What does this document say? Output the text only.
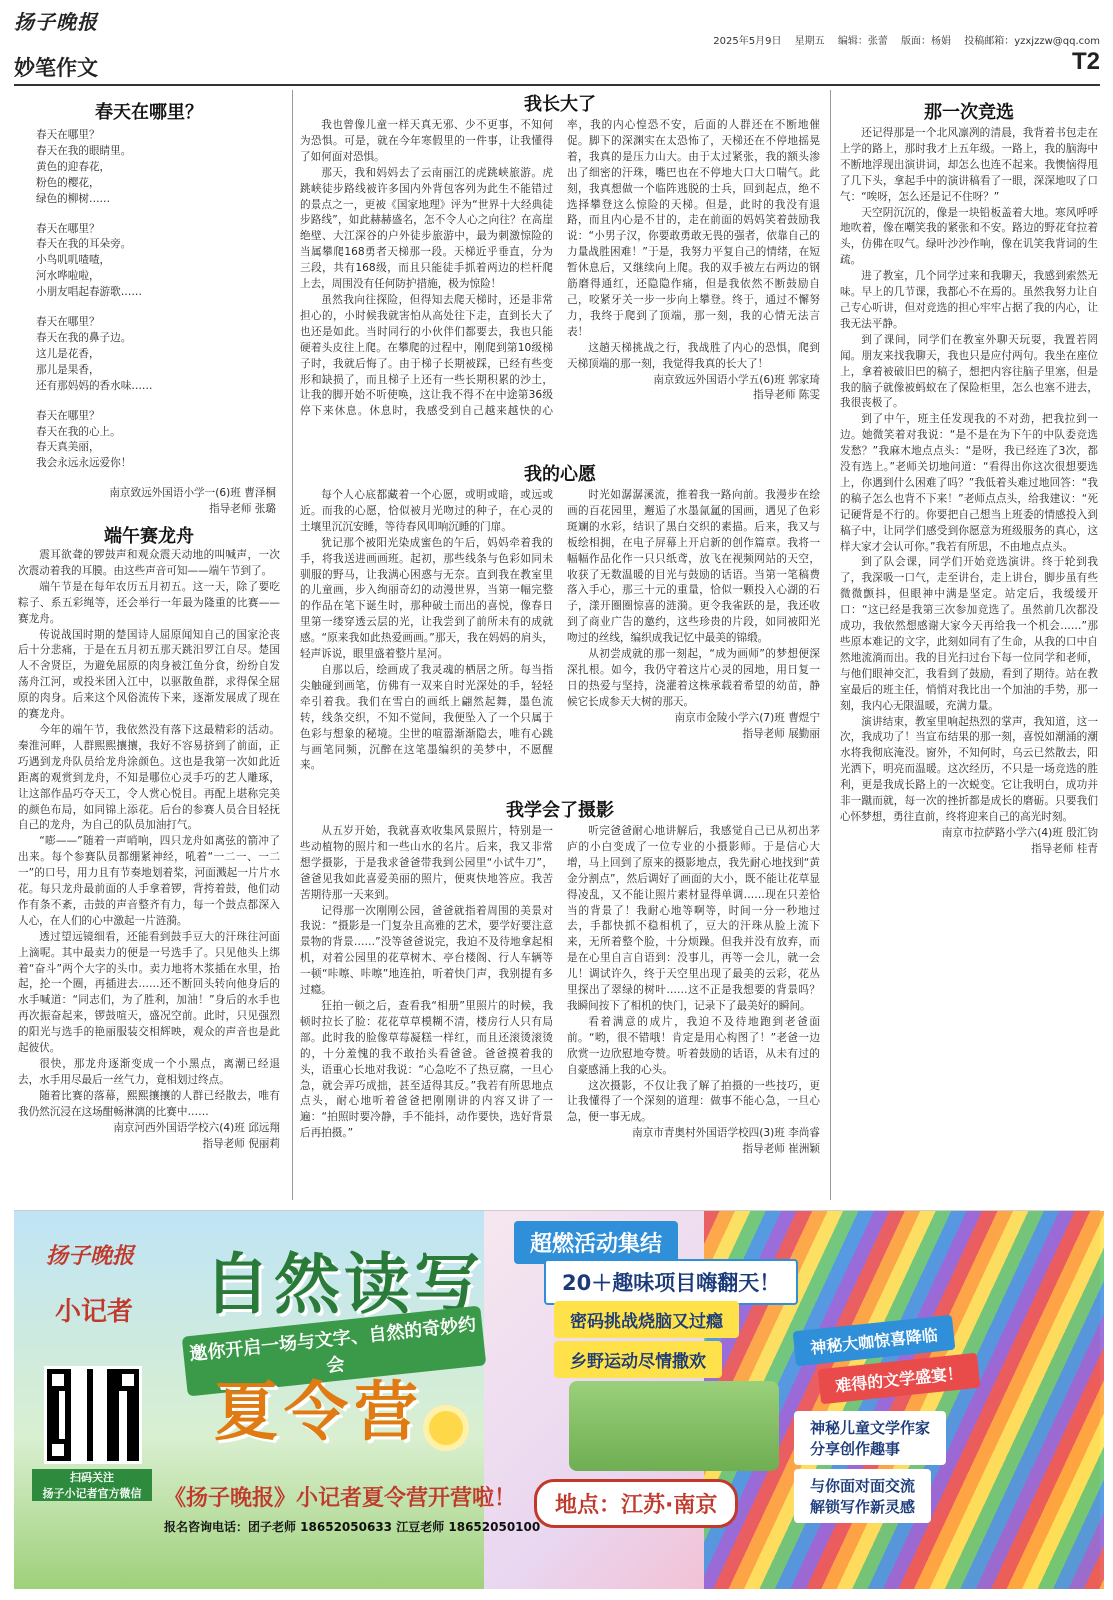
扬子晚报
2025年5月9日 星期五 编辑：张蕾 版面：杨娟 投稿邮箱：yzxjzzw@qq.com
妙笔作文	T2
春天在哪里？

春天在哪里？

春天在我的眼睛里。

黄色的迎春花，

粉色的樱花，

绿色的柳树……

春天在哪里？

春天在我的耳朵旁。

小鸟叽叽喳喳，

河水哗啦啦，

小朋友唱起春游歌……

春天在哪里？

春天在我的鼻子边。

这儿是花香，

那儿是果香，

还有那妈妈的香水味……

春天在哪里？

春天在我的心上。

春天真美丽，

我会永远永远爱你！

南京致远外国语小学一(6)班 曹泽桐

指导老师 张璐

端午赛龙舟

震耳欲聋的锣鼓声和观众震天动地的叫喊声，一次次震动着我的耳膜。由这些声音可知——端午节到了。

端午节是在每年农历五月初五。这一天，除了要吃粽子、系五彩绳等，还会举行一年最为隆重的比赛——赛龙舟。

传说战国时期的楚国诗人屈原闻知自己的国家沦丧后十分悲痛，于是在五月初五那天跳汨罗江自尽。楚国人不舍贤臣，为避免屈原的肉身被江鱼分食，纷纷自发荡舟江河，或投米团入江中，以驱散鱼群，求得保全屈原的肉身。后来这个风俗流传下来，逐渐发展成了现在的赛龙舟。

今年的端午节，我依然没有落下这最精彩的活动。秦淮河畔，人群熙熙攘攘，我好不容易挤到了前面，正巧遇到龙舟队员给龙舟涂颜色。这也是我第一次如此近距离的观赏到龙舟，不知是哪位心灵手巧的艺人雕琢，让这部作品巧夺天工，令人赏心悦目。再配上堪称完美的颜色布局，如同锦上添花。后台的参赛人员合目轻抚自己的龙舟，为自己的队员加油打气。

“嘭——”随着一声哨响，四只龙舟如离弦的箭冲了出来。每个参赛队员都绷紧神经，吼着“一二一、一二一”的口号，用力且有节奏地划着桨，河面溅起一片片水花。每只龙舟最前面的人手拿着锣，背挎着鼓，他们动作有条不紊，击鼓的声音整齐有力，每一个鼓点都深入人心，在人们的心中激起一片涟漪。

透过望远镜细看，还能看到鼓手豆大的汗珠往河面上滴呢。其中最卖力的便是一号选手了。只见他头上绑着“奋斗”两个大字的头巾。卖力地将木浆插在水里，抬起，抡一个圈，再插进去……还不断回头转向他身后的水手喊道：“同志们，为了胜利，加油！”身后的水手也再次振奋起来，锣鼓喧天，盛况空前。此时，只见强烈的阳光与选手的艳丽服装交相辉映，观众的声音也是此起彼伏。

很快，那龙舟逐渐变成一个小黑点，离潮已经退去，水手用尽最后一丝气力，竟相划过终点。

随着比赛的落幕，熙熙攘攘的人群已经散去，唯有我仍然沉浸在这场酣畅淋漓的比赛中……

南京河西外国语学校六(4)班 邱远翔

指导老师 倪丽莉

我长大了

我也曾像儿童一样天真无邪、少不更事，不知何为恐惧。可是，就在今年寒假里的一件事，让我懂得了如何面对恐惧。

那天，我和妈妈去了云南丽江的虎跳峡旅游。虎跳峡徒步路线被许多国内外背包客列为此生不能错过的景点之一，更被《国家地理》评为“世界十大经典徒步路线”，如此赫赫盛名，怎不令人心之向往？在高崖绝壁、大江深谷的户外徒步旅游中，最为刺激惊险的当属攀爬168勇者天梯那一段。天梯近乎垂直，分为三段，共有168级，而且只能徒手抓着两边的栏杆爬上去，周围没有任何防护措施，极为惊险！

虽然我向往探险，但得知去爬天梯时，还是非常担心的，小时候我就害怕从高处往下走，直到长大了也还是如此。当时同行的小伙伴们都要去，我也只能硬着头皮往上爬。在攀爬的过程中，刚爬到第10级梯子时，我就后悔了。由于梯子长期被踩，已经有些变形和缺损了，而且梯子上还有一些长期积累的沙土，让我的脚开始不听使唤，这让我不得不在中途第36级停下来休息。休息时，我感受到自己越来越快的心率，我的内心惶恐不安，后面的人群还在不断地催促。脚下的深渊实在太恐怖了，天梯还在不停地摇晃着，我真的是压力山大。由于太过紧张，我的额头渗出了细密的汗珠，嘴巴也在不停地大口大口喘气。此刻，我真想做一个临阵逃脱的士兵，回到起点，绝不选择攀登这么惊险的天梯。但是，此时的我没有退路，而且内心是不甘的，走在前面的妈妈笑着鼓励我说：“小男子汉，你要敢勇敢无畏的强者，依靠自己的力量战胜困难！”于是，我努力平复自己的情绪，在短暂休息后，又继续向上爬。我的双手被左右两边的钢筋磨得通红，还隐隐作痛，但是我依然不断鼓励自己，咬紧牙关一步一步向上攀登。终于，通过不懈努力，我终于爬到了顶端，那一刻，我的心情无法言表！

这趟天梯挑战之行，我战胜了内心的恐惧，爬到天梯顶端的那一刻，我觉得我真的长大了！

南京致远外国语小学五(6)班 郭家琦

指导老师 陈雯

我的心愿

每个人心底都藏着一个心愿，或明或暗，或远或近。而我的心愿，恰似被月光吻过的种子，在心灵的土壤里沉沉安睡，等待春风叩响沉睡的门扉。

犹记那个被阳光染成蜜色的午后，妈妈牵着我的手，将我送进画画班。起初，那些线条与色彩如同未驯服的野马，让我满心困惑与无奈。直到我在教室里的儿童画，步入绚丽奇幻的动漫世界，当第一幅完整的作品在笔下诞生时，那种破土而出的喜悦，像春日里第一缕穿透云层的光，让我尝到了前所未有的成就感。“原来我如此热爱画画。”那天，我在妈妈的肩头，轻声诉说，眼里盛着整片星河。

自那以后，绘画成了我灵魂的栖居之所。每当指尖触碰到画笔，仿佛有一双来自时光深处的手，轻轻牵引着我。我们在雪白的画纸上翩然起舞，墨色流转，线条交织，不知不觉间，我便坠入了一个只属于色彩与想象的秘境。尘世的喧嚣渐渐隐去，唯有心跳与画笔同频，沉醉在这笔墨编织的美梦中，不愿醒来。

时光如潺潺溪流，推着我一路向前。我漫步在绘画的百花园里，邂逅了水墨氤氲的国画，遇见了色彩斑斓的水彩，结识了黑白交织的素描。后来，我又与板绘相拥，在电子屏幕上开启新的创作篇章。我将一幅幅作品化作一只只纸鸢，放飞在视频网站的天空，收获了无数温暖的目光与鼓励的话语。当第一笔稿费落入手心，那三十元的重量，恰似一颗投入心湖的石子，漾开圈圈惊喜的涟漪。更令我雀跃的是，我还收到了商业广告的邀约，这些珍贵的片段，如同被阳光吻过的丝线，编织成我记忆中最美的锦缎。

从初尝成就的那一刻起，“成为画师”的梦想便深深扎根。如今，我仍守着这片心灵的园地，用日复一日的热爱与坚持，浇灌着这株承载着希望的幼苗，静候它长成参天大树的那天。

南京市金陵小学六(7)班 曹煜宁

指导老师 展勤丽

我学会了摄影

从五岁开始，我就喜欢收集风景照片，特别是一些动植物的照片和一些山水的名片。后来，我又非常想学摄影，于是我求爸爸带我到公园里“小试牛刀”，爸爸见我如此喜爱美丽的照片，便爽快地答应。我苦苦期待那一天来到。

记得那一次刚刚公园，爸爸就指着周围的美景对我说：“摄影是一门复杂且高雅的艺术，要学好要注意景物的背景……”没等爸爸说完，我迫不及待地拿起相机，对着公园里的花草树木、亭台楼阁、行人车辆等一顿“咔嚓、咔嚓”地连拍，听着快门声，我别提有多过瘾。

狂拍一顿之后，查看我“相册”里照片的时候，我顿时拉长了脸：花花草草模糊不清，楼房行人只有局部。此时我的脸像草莓凝糕一样红，而且还滚烫滚烫的，十分羞愧的我不敢抬头看爸爸。爸爸摸着我的头，语重心长地对我说：“心急吃不了热豆腐，一旦心急，就会弄巧成拙，甚至适得其反。”我若有所思地点点头，耐心地听着爸爸把刚刚讲的内容又讲了一遍：“拍照时要冷静，手不能抖，动作要快，选好背景后再拍摄。”

听完爸爸耐心地讲解后，我感觉自己已从初出茅庐的小白变成了一位专业的小摄影师。于是信心大增，马上回到了原来的摄影地点，我先耐心地找到“黄金分割点”，然后调好了画面的大小，既不能让花草显得凌乱，又不能让照片素材显得单调……现在只差恰当的背景了！我耐心地等啊等，时间一分一秒地过去，手都快抓不稳相机了，豆大的汗珠从脸上流下来，无所着整个脸，十分烦躁。但我并没有放弃，而是在心里自言自语到：没事儿，再等一会儿，就一会儿！调试许久，终于天空里出现了最美的云彩，花丛里探出了翠绿的树叶……这不正是我想要的背景吗？我瞬间按下了相机的快门，记录下了最美好的瞬间。

看着满意的成片，我迫不及待地跑到老爸面前。“哟，很不错哦！肯定是用心构图了！”老爸一边欣赏一边欣慰地夸赞。听着鼓励的话语，从未有过的自豪感涌上我的心头。

这次摄影，不仅让我了解了拍摄的一些技巧，更让我懂得了一个深刻的道理：做事不能心急，一旦心急，便一事无成。

南京市青奥村外国语学校四(3)班 李尚睿

指导老师 崔洲颖

那一次竞选

还记得那是一个北风凛冽的清晨，我背着书包走在上学的路上，那时我才上五年级。一路上，我的脑海中不断地浮现出演讲词，却怎么也连不起来。我懊恼得甩了几下头，拿起手中的演讲稿看了一眼，深深地叹了口气：“唉呀，怎么还是记不住呀？”

天空阴沉沉的，像是一块铅板盖着大地。寒风呼呼地吹着，像在嘲笑我的紧张和不安。路边的野花耷拉着头，仿佛在叹气。绿叶沙沙作响，像在讥笑我背词的生疏。

进了教室，几个同学过来和我聊天，我感到索然无味。早上的几节课，我都心不在焉的。虽然我努力让自己专心听讲，但对竞选的担心牢牢占据了我的内心，让我无法平静。

到了课间，同学们在教室外聊天玩耍，我置若罔闻。朋友来找我聊天，我也只是应付两句。我坐在座位上，拿着被破旧巴的稿子，想把内容往脑子里塞，但是我的脑子就像被蚂蚁在了保险柜里，怎么也塞不进去，我很丧极了。

到了中午，班主任发现我的不对劲，把我拉到一边。她微笑着对我说：“是不是在为下午的中队委竞选发愁？”我麻木地点点头：“是呀，我已经连了3次，都没有选上。”老师关切地问道：“看得出你这次很想要选上，你遇到什么困难了吗？”我低着头难过地回答：“我的稿子怎么也背不下来！”老师点点头，给我建议：“死记硬背是不行的。你要把自己想当上班委的情感投入到稿子中，让同学们感受到你愿意为班级服务的真心，这样大家才会认可你。”我若有所思，不由地点点头。

到了队会课，同学们开始竞选演讲。终于轮到我了，我深吸一口气，走至讲台，走上讲台，脚步虽有些微微颤抖，但眼神中满是坚定。站定后，我缓缓开口：“这已经是我第三次参加竞选了。虽然前几次都没成功，我依然想感谢大家今天再给我一个机会……”那些原本难记的文字，此刻如同有了生命，从我的口中自然地流淌而出。我的目光扫过台下每一位同学和老师，与他们眼神交汇，我看到了鼓励，看到了期待。站在教室最后的班主任，悄悄对我比出一个加油的手势，那一刻，我内心无限温暖，充满力量。

演讲结束，教室里响起热烈的掌声，我知道，这一次，我成功了！当宣布结果的那一刻，喜悦如潮涌的潮水将我彻底淹没。窗外，不知何时，乌云已然散去，阳光洒下，明亮而温暖。这次经历，不只是一场竞选的胜利，更是我成长路上的一次蜕变。它让我明白，成功并非一蹴而就，每一次的挫折都是成长的磨砺。只要我们心怀梦想，勇往直前，终将迎来自己的高光时刻。

南京市拉萨路小学六(4)班 殷汇钧

指导老师 桂青

扬子晚报
小记者
扫码关注
扬子小记者官方微信
自然读写
邀你开启一场与文字、自然的奇妙约会
夏令营
《扬子晚报》小记者夏令营开营啦！
报名咨询电话：团子老师 18652050633 江豆老师 18652050100
超燃活动集结
20＋趣味项目嗨翻天！
密码挑战烧脑又过瘾
乡野运动尽情撒欢
神秘大咖惊喜降临
难得的文学盛宴！
神秘儿童文学作家
分享创作趣事
与你面对面交流
解锁写作新灵感
地点：江苏·南京
